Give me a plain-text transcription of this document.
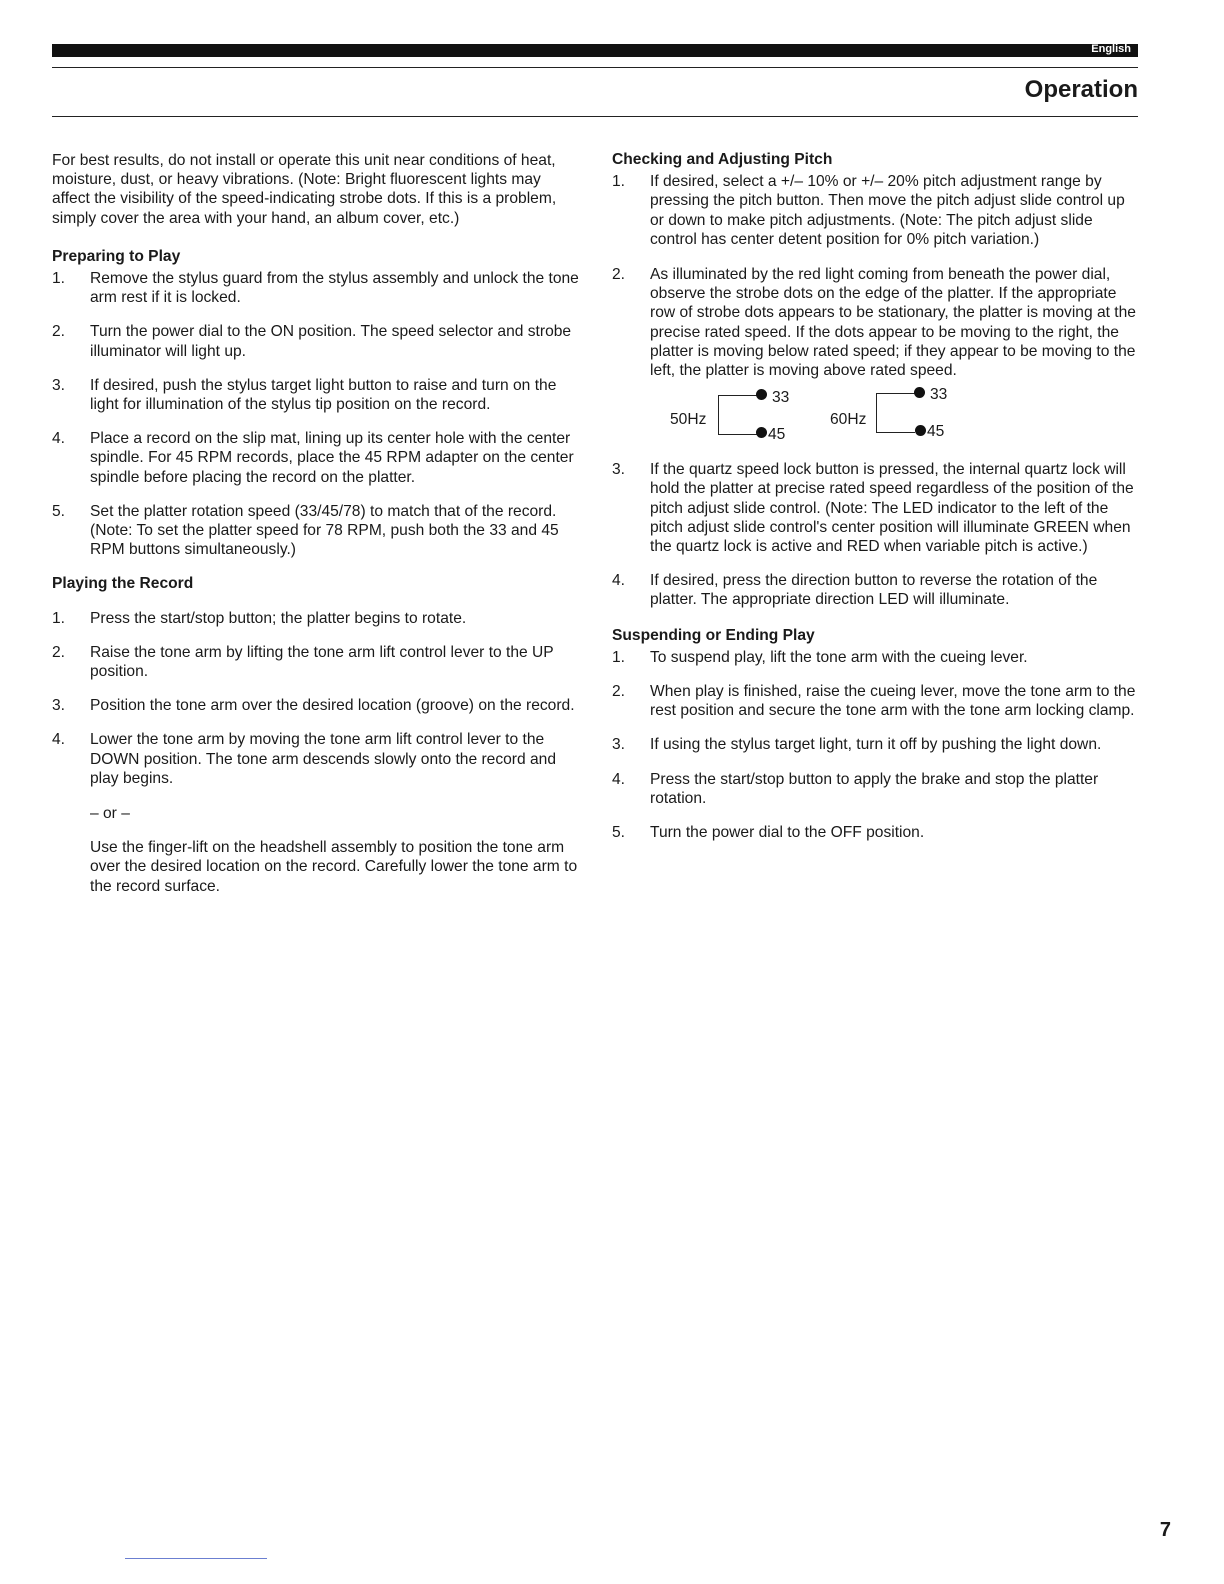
English
Operation

For best results, do not install or operate this unit near conditions of heat, moisture, dust, or heavy vibrations. (Note: Bright fluorescent lights may affect the visibility of the speed-indicating strobe dots. If this is a problem, simply cover the area with your hand, an album cover, etc.)

Preparing to Play
1. Remove the stylus guard from the stylus assembly and unlock the tone arm rest if it is locked.
2. Turn the power dial to the ON position. The speed selector and strobe illuminator will light up.
3. If desired, push the stylus target light button to raise and turn on the light for illumination of the stylus tip position on the record.
4. Place a record on the slip mat, lining up its center hole with the center spindle. For 45 RPM records, place the 45 RPM adapter on the center spindle before placing the record on the platter.
5. Set the platter rotation speed (33/45/78) to match that of the record. (Note: To set the platter speed for 78 RPM, push both the 33 and 45 RPM buttons simultaneously.)
Playing the Record
1. Press the start/stop button; the platter begins to rotate.
2. Raise the tone arm by lifting the tone arm lift control lever to the UP position.
3. Position the tone arm over the desired location (groove) on the record.
4. Lower the tone arm by moving the tone arm lift control lever to the DOWN position. The tone arm descends slowly onto the record and play begins.

– or –

Use the finger-lift on the headshell assembly to position the tone arm over the desired location on the record. Carefully lower the tone arm to the record surface.

Checking and Adjusting Pitch
1. If desired, select a +/– 10% or +/– 20% pitch adjustment range by pressing the pitch button. Then move the pitch adjust slide control up or down to make pitch adjustments. (Note: The pitch adjust slide control has center detent position for 0% pitch variation.)
2. As illuminated by the red light coming from beneath the power dial, observe the strobe dots on the edge of the platter. If the appropriate row of strobe dots appears to be stationary, the platter is moving at the precise rated speed. If the dots appear to be moving to the right, the platter is moving below rated speed; if they appear to be moving to the left, the platter is moving above rated speed.
50Hz
33
45
60Hz
33
45
3. If the quartz speed lock button is pressed, the internal quartz lock will hold the platter at precise rated speed regardless of the position of the pitch adjust slide control. (Note: The LED indicator to the left of the pitch adjust slide control's center position will illuminate GREEN when the quartz lock is active and RED when variable pitch is active.)
4. If desired, press the direction button to reverse the rotation of the platter. The appropriate direction LED will illuminate.
Suspending or Ending Play
1. To suspend play, lift the tone arm with the cueing lever.
2. When play is finished, raise the cueing lever, move the tone arm to the rest position and secure the tone arm with the tone arm locking clamp.
3. If using the stylus target light, turn it off by pushing the light down.
4. Press the start/stop button to apply the brake and stop the platter rotation.
5. Turn the power dial to the OFF position.
7
